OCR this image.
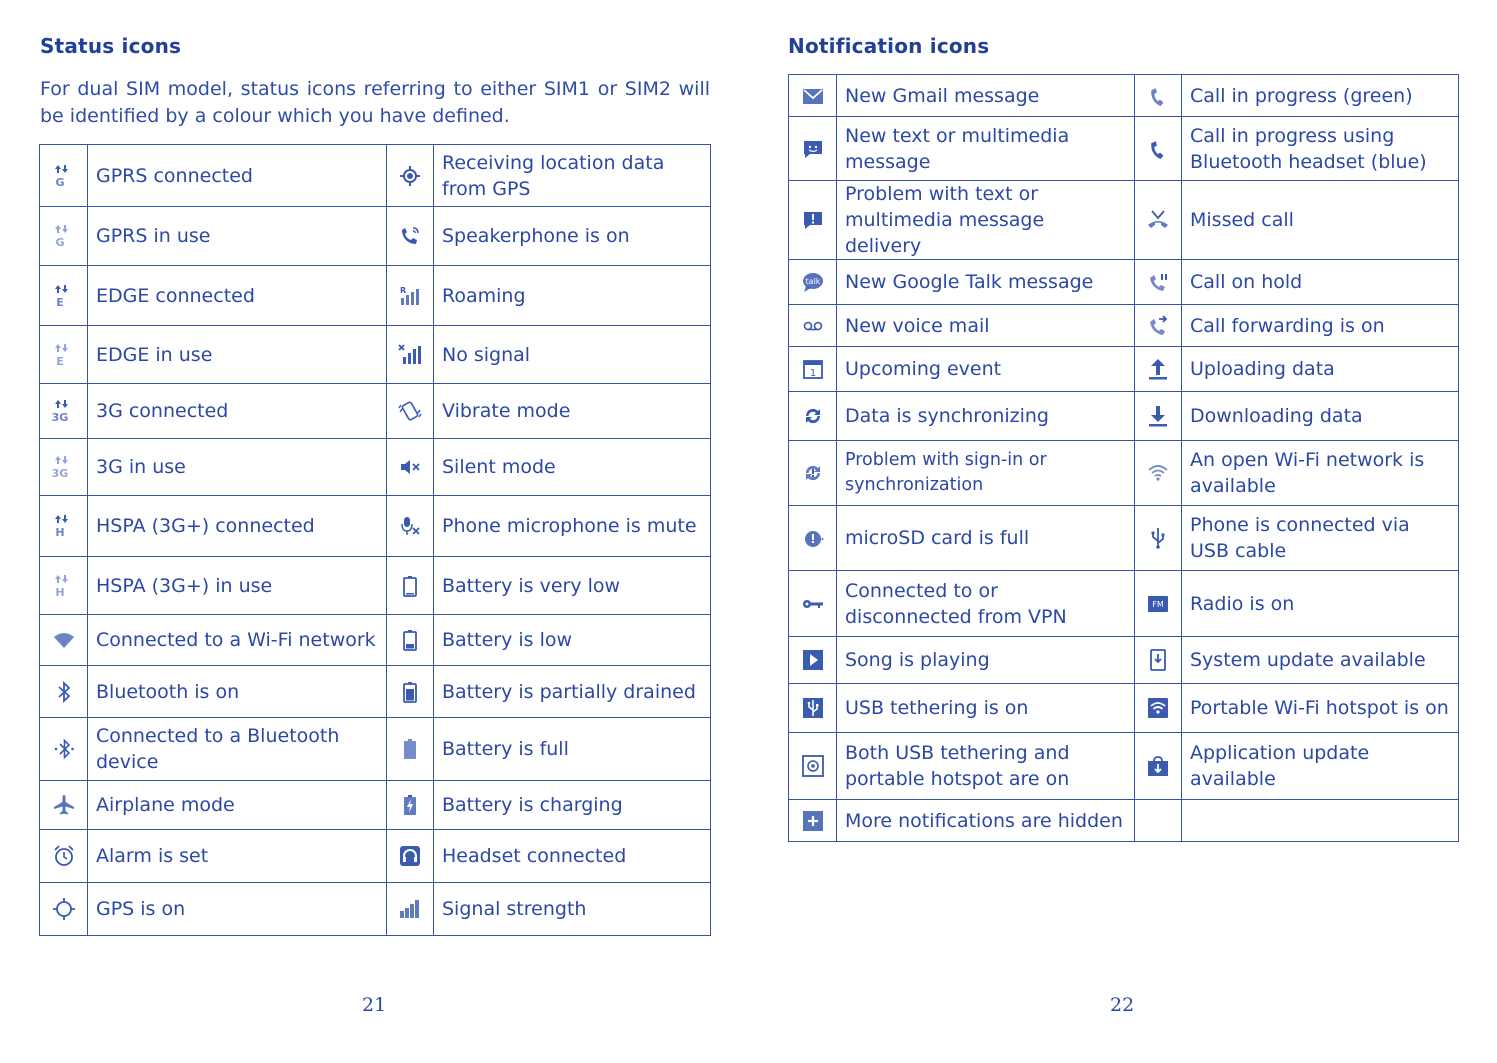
Status icons

For dual SIM model, status icons referring to either SIM1 or SIM2 will be identified by a colour which you have defined.

G	GPRS connected		Receiving location data from GPS

G	GPRS in use		Speakerphone is on

E	EDGE connected	R	Roaming

E	EDGE in use		No signal

3G	3G connected		Vibrate mode

3G	3G in use		Silent mode

H	HSPA (3G+) connected		Phone microphone is mute

H	HSPA (3G+) in use		Battery is very low

	Connected to a Wi-Fi network		Battery is low

	Bluetooth is on		Battery is partially drained

	Connected to a Bluetooth device		Battery is full

	Airplane mode		Battery is charging

	Alarm is set		Headset connected

	GPS is on		Signal strength
Notification icons
	New Gmail message		Call in progress (green)

	New text or multimedia message		Call in progress using Bluetooth headset (blue)

	Problem with text or multimedia message delivery		Missed call

talk	New Google Talk message		Call on hold

	New voice mail		Call forwarding is on

1	Upcoming event		Uploading data

	Data is synchronizing		Downloading data

	Problem with sign-in or synchronization		An open Wi-Fi network is available

	microSD card is full		Phone is connected via USB cable

	Connected to or disconnected from VPN	FM	Radio is on

	Song is playing		System update available

	USB tethering is on		Portable Wi-Fi hotspot is on

	Both USB tethering and portable hotspot are on		Application update available

	More notifications are hidden		
21	22
